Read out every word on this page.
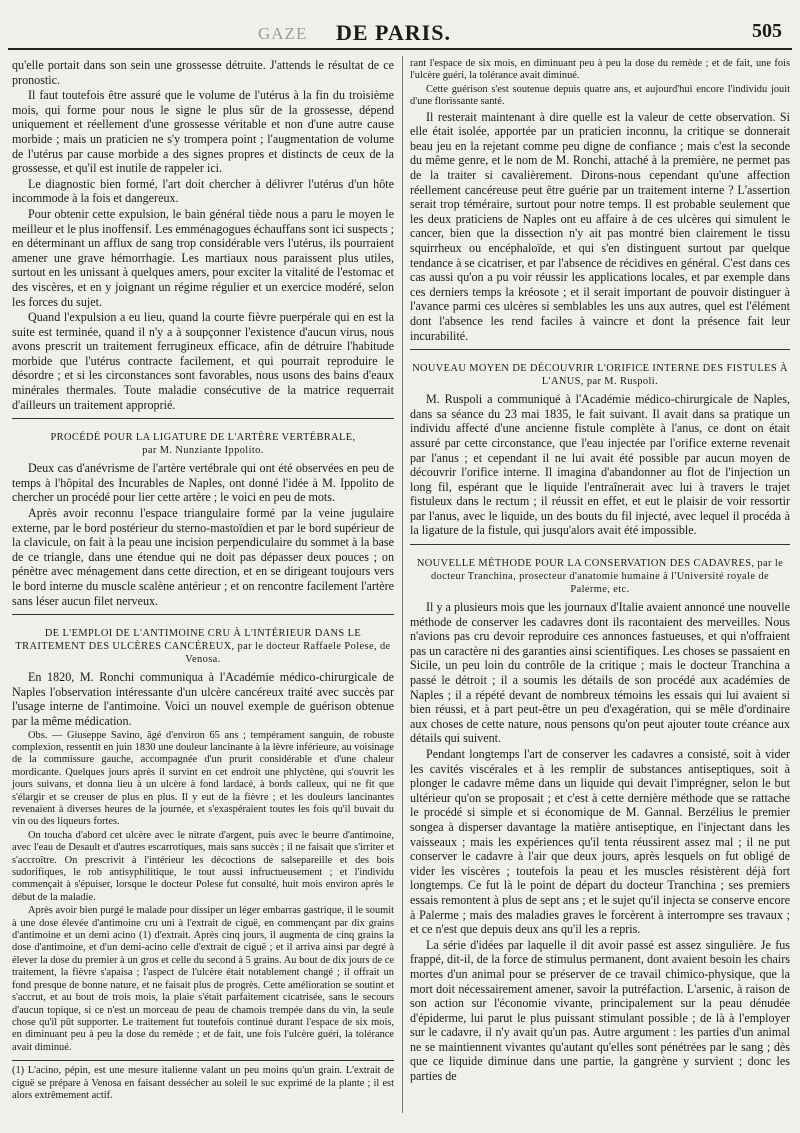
GAZE DE PARIS.	505

qu'elle portait dans son sein une grossesse détruite. J'attends le résultat de ce pronostic.

Il faut toutefois être assuré que le volume de l'utérus à la fin du troisième mois, qui forme pour nous le signe le plus sûr de la grossesse, dépend uniquement et réellement d'une grossesse véritable et non d'une autre cause morbide ; mais un praticien ne s'y trompera point ; l'augmentation de volume de l'utérus par cause morbide a des signes propres et distincts de ceux de la grossesse, et qu'il est inutile de rappeler ici.

Le diagnostic bien formé, l'art doit chercher à délivrer l'utérus d'un hôte incommode à la fois et dangereux.

Pour obtenir cette expulsion, le bain général tiède nous a paru le moyen le meilleur et le plus inoffensif. Les emménagogues échauffans sont ici suspects ; en déterminant un afflux de sang trop considérable vers l'utérus, ils pourraient amener une grave hémorrhagie. Les martiaux nous paraissent plus utiles, surtout en les unissant à quelques amers, pour exciter la vitalité de l'estomac et des viscères, et en y joignant un régime régulier et un exercice modéré, selon les forces du sujet.

Quand l'expulsion a eu lieu, quand la courte fièvre puerpérale qui en est la suite est terminée, quand il n'y a à soupçonner l'existence d'aucun virus, nous avons prescrit un traitement ferrugineux efficace, afin de détruire l'habitude morbide que l'utérus contracte facilement, et qui pourrait reproduire le désordre ; et si les circonstances sont favorables, nous usons des bains d'eaux minérales thermales. Toute maladie consécutive de la matrice requerrait d'ailleurs un traitement approprié.

PROCÉDÉ POUR LA LIGATURE DE L'ARTÈRE VERTÉBRALE,
par M. Nunziante Ippolito.

Deux cas d'anévrisme de l'artère vertébrale qui ont été observées en peu de temps à l'hôpital des Incurables de Naples, ont donné l'idée à M. Ippolito de chercher un procédé pour lier cette artère ; le voici en peu de mots.

Après avoir reconnu l'espace triangulaire formé par la veine jugulaire externe, par le bord postérieur du sterno-mastoïdien et par le bord supérieur de la clavicule, on fait à la peau une incision perpendiculaire du sommet à la base de ce triangle, dans une étendue qui ne doit pas dépasser deux pouces ; on pénètre avec ménagement dans cette direction, et en se dirigeant toujours vers le bord interne du muscle scalène antérieur ; et on rencontre facilement l'artère sans léser aucun filet nerveux.

DE L'EMPLOI DE L'ANTIMOINE CRU À L'INTÉRIEUR DANS LE TRAITEMENT DES ULCÈRES CANCÉREUX, par le docteur Raffaele Polese, de Venosa.

En 1820, M. Ronchi communiqua à l'Académie médico-chirurgicale de Naples l'observation intéressante d'un ulcère cancéreux traité avec succès par l'usage interne de l'antimoine. Voici un nouvel exemple de guérison obtenue par la même médication.

Obs. — Giuseppe Savino, âgé d'environ 65 ans ; tempérament sanguin, de robuste complexion, ressentit en juin 1830 une douleur lancinante à la lèvre inférieure, au voisinage de la commissure gauche, accompagnée d'un prurit considérable et d'une chaleur mordicante. Quelques jours après il survint en cet endroit une phlyctène, qui s'ouvrit les jours suivans, et donna lieu à un ulcère à fond lardacé, à bords calleux, qui ne fit que s'élargir et se creuser de plus en plus. Il y eut de la fièvre ; et les douleurs lancinantes revenaient à diverses heures de la journée, et s'exaspéraient toutes les fois qu'il buvait du vin ou des liqueurs fortes.

On toucha d'abord cet ulcère avec le nitrate d'argent, puis avec le beurre d'antimoine, avec l'eau de Desault et d'autres escarrotiques, mais sans succès ; il ne faisait que s'irriter et s'accroître. On prescrivit à l'intérieur les décoctions de salsepareille et des bois sudorifiques, le rob antisyphilitique, le tout aussi infructueusement ; et l'individu commençait à s'épuiser, lorsque le docteur Polese fut consulté, huit mois environ après le début de la maladie.

Après avoir bien purgé le malade pour dissiper un léger embarras gastrique, il le soumit à une dose élevée d'antimoine cru uni à l'extrait de ciguë, en commençant par dix grains d'antimoine et un demi acino (1) d'extrait. Après cinq jours, il augmenta de cinq grains la dose d'antimoine, et d'un demi-acino celle d'extrait de ciguë ; et il arriva ainsi par degré à élever la dose du premier à un gros et celle du second à 5 grains. Au bout de dix jours de ce traitement, la fièvre s'apaisa ; l'aspect de l'ulcère était notablement changé ; il offrait un fond presque de bonne nature, et ne faisait plus de progrès. Cette amélioration se soutint et s'accrut, et au bout de trois mois, la plaie s'était parfaitement cicatrisée, sans le secours d'aucun topique, si ce n'est un morceau de peau de chamois trempée dans du vin, la seule chose qu'il pût supporter. Le traitement fut toutefois continué durant l'espace de six mois, en diminuant peu à peu la dose du remède ; et de fait, une fois l'ulcère guéri, la tolérance avait diminué.

(1) L'acino, pépin, est une mesure italienne valant un peu moins qu'un grain. L'extrait de ciguë se prépare à Venosa en faisant dessécher au soleil le suc exprimé de la plante ; il est alors extrêmement actif.

rant l'espace de six mois, en diminuant peu à peu la dose du remède ; et de fait, une fois l'ulcère guéri, la tolérance avait diminué.

Cette guérison s'est soutenue depuis quatre ans, et aujourd'hui encore l'individu jouit d'une florissante santé.

Il resterait maintenant à dire quelle est la valeur de cette observation. Si elle était isolée, apportée par un praticien inconnu, la critique se donnerait beau jeu en la rejetant comme peu digne de confiance ; mais c'est la seconde du même genre, et le nom de M. Ronchi, attaché à la première, ne permet pas de la traiter si cavalièrement. Dirons-nous cependant qu'une affection réellement cancéreuse peut être guérie par un traitement interne ? L'assertion serait trop téméraire, surtout pour notre temps. Il est probable seulement que les deux praticiens de Naples ont eu affaire à de ces ulcères qui simulent le cancer, bien que la dissection n'y ait pas montré bien clairement le tissu squirrheux ou encéphaloïde, et qui s'en distinguent surtout par quelque tendance à se cicatriser, et par l'absence de récidives en général. C'est dans ces cas aussi qu'on a pu voir réussir les applications locales, et par exemple dans ces derniers temps la kréosote ; et il serait important de pouvoir distinguer à l'avance parmi ces ulcères si semblables les uns aux autres, quel est l'élément dont l'absence les rend faciles à vaincre et dont la présence fait leur incurabilité.

NOUVEAU MOYEN DE DÉCOUVRIR L'ORIFICE INTERNE DES FISTULES À L'ANUS, par M. Ruspoli.

M. Ruspoli a communiqué à l'Académie médico-chirurgicale de Naples, dans sa séance du 23 mai 1835, le fait suivant. Il avait dans sa pratique un individu affecté d'une ancienne fistule complète à l'anus, ce dont on était assuré par cette circonstance, que l'eau injectée par l'orifice externe revenait par l'anus ; et cependant il ne lui avait été possible par aucun moyen de découvrir l'orifice interne. Il imagina d'abandonner au flot de l'injection un long fil, espérant que le liquide l'entraînerait avec lui à travers le trajet fistuleux dans le rectum ; il réussit en effet, et eut le plaisir de voir ressortir par l'anus, avec le liquide, un des bouts du fil injecté, avec lequel il procéda à la ligature de la fistule, qui jusqu'alors avait été impossible.

NOUVELLE MÉTHODE POUR LA CONSERVATION DES CADAVRES, par le docteur Tranchina, prosecteur d'anatomie humaine à l'Université royale de Palerme, etc.

Il y a plusieurs mois que les journaux d'Italie avaient annoncé une nouvelle méthode de conserver les cadavres dont ils racontaient des merveilles. Nous n'avions pas cru devoir reproduire ces annonces fastueuses, et qui n'offraient pas un caractère ni des garanties ainsi scientifiques. Les choses se passaient en Sicile, un peu loin du contrôle de la critique ; mais le docteur Tranchina a passé le détroit ; il a soumis les détails de son procédé aux académies de Naples ; il a répété devant de nombreux témoins les essais qui lui avaient si bien réussi, et à part peut-être un peu d'exagération, qui se mêle d'ordinaire aux choses de cette nature, nous pensons qu'on peut ajouter toute créance aux détails qui suivent.

Pendant longtemps l'art de conserver les cadavres a consisté, soit à vider les cavités viscérales et à les remplir de substances antiseptiques, soit à plonger le cadavre même dans un liquide qui devait l'imprégner, selon le but ultérieur qu'on se proposait ; et c'est à cette dernière méthode que se rattache le procédé si simple et si économique de M. Gannal. Berzélius le premier songea à disperser davantage la matière antiseptique, en l'injectant dans les vaisseaux ; mais les expériences qu'il tenta réussirent assez mal ; il ne put conserver le cadavre à l'air que deux jours, après lesquels on fut obligé de vider les viscères ; toutefois la peau et les muscles résistèrent déjà fort longtemps. Ce fut là le point de départ du docteur Tranchina ; ses premiers essais remontent à plus de sept ans ; et le sujet qu'il injecta se conserve encore à Palerme ; mais des maladies graves le forcèrent à interrompre ses travaux ; et ce n'est que depuis deux ans qu'il les a repris.

La série d'idées par laquelle il dit avoir passé est assez singulière. Je fus frappé, dit-il, de la force de stimulus permanent, dont avaient besoin les chairs mortes d'un animal pour se préserver de ce travail chimico-physique, que la mort doit nécessairement amener, savoir la putréfaction. L'arsenic, à raison de son action sur l'économie vivante, principalement sur la peau dénudée d'épiderme, lui parut le plus puissant stimulant possible ; de là à l'employer sur le cadavre, il n'y avait qu'un pas. Autre argument : les parties d'un animal ne se maintiennent vivantes qu'autant qu'elles sont pénétrées par le sang ; dès que ce liquide diminue dans une partie, la gangrène y survient ; donc les parties de
